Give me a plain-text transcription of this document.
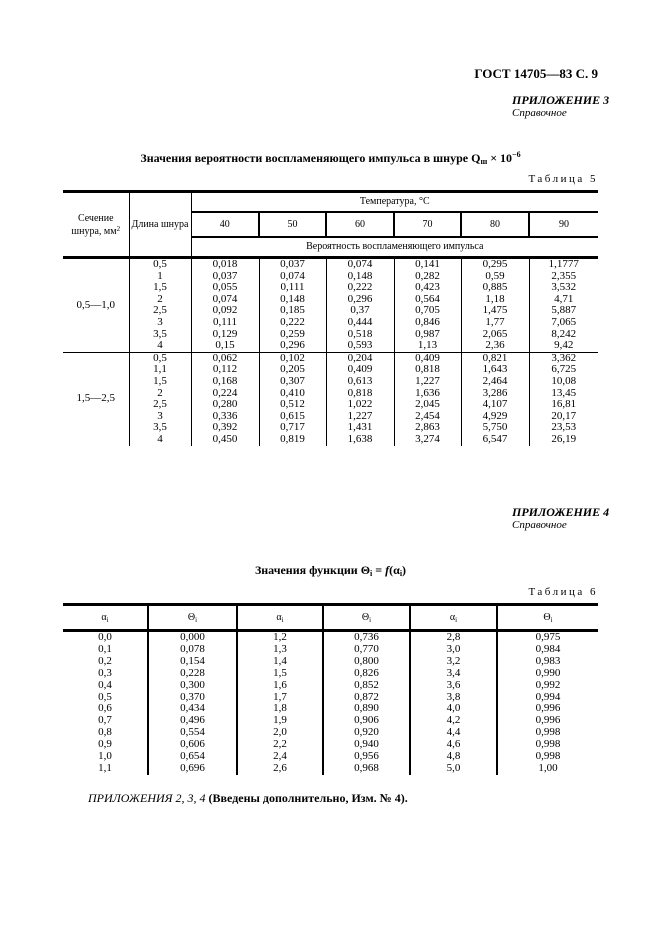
ГОСТ 14705—83 С. 9
ПРИЛОЖЕНИЕ 3
Справочное
Значения вероятности воспламеняющего импульса в шнуре Qш × $10^{-6}$
Таблица 5
Сечение
шнура, $мм^2$	Длина шнура	Температура, °С					
		40	50	60	70	80	90
		Вероятность воспламеняющего импульса					
0,5—1,0	0,5	0,018	0,037	0,074	0,141	0,295	1,1777
	1	0,037	0,074	0,148	0,282	0,59	2,355
	1,5	0,055	0,111	0,222	0,423	0,885	3,532
	2	0,074	0,148	0,296	0,564	1,18	4,71
	2,5	0,092	0,185	0,37	0,705	1,475	5,887
	3	0,111	0,222	0,444	0,846	1,77	7,065
	3,5	0,129	0,259	0,518	0,987	2,065	8,242
	4	0,15	0,296	0,593	1,13	2,36	9,42
1,5—2,5	0,5	0,062	0,102	0,204	0,409	0,821	3,362
	1,1	0,112	0,205	0,409	0,818	1,643	6,725
	1,5	0,168	0,307	0,613	1,227	2,464	10,08
	2	0,224	0,410	0,818	1,636	3,286	13,45
	2,5	0,280	0,512	1,022	2,045	4,107	16,81
	3	0,336	0,615	1,227	2,454	4,929	20,17
	3,5	0,392	0,717	1,431	2,863	5,750	23,53
	4	0,450	0,819	1,638	3,274	6,547	26,19
ПРИЛОЖЕНИЕ 4
Справочное
Значения функции Θi = f(αi)
Таблица 6
$\alpha_i$	$\Theta_i$	$\alpha_i$	$\Theta_i$	$\alpha_i$	$\Theta_i$
0,0	0,000	1,2	0,736	2,8	0,975
0,1	0,078	1,3	0,770	3,0	0,984
0,2	0,154	1,4	0,800	3,2	0,983
0,3	0,228	1,5	0,826	3,4	0,990
0,4	0,300	1,6	0,852	3,6	0,992
0,5	0,370	1,7	0,872	3,8	0,994
0,6	0,434	1,8	0,890	4,0	0,996
0,7	0,496	1,9	0,906	4,2	0,996
0,8	0,554	2,0	0,920	4,4	0,998
0,9	0,606	2,2	0,940	4,6	0,998
1,0	0,654	2,4	0,956	4,8	0,998
1,1	0,696	2,6	0,968	5,0	1,00
ПРИЛОЖЕНИЯ 2, 3, 4 (Введены дополнительно, Изм. № 4).
